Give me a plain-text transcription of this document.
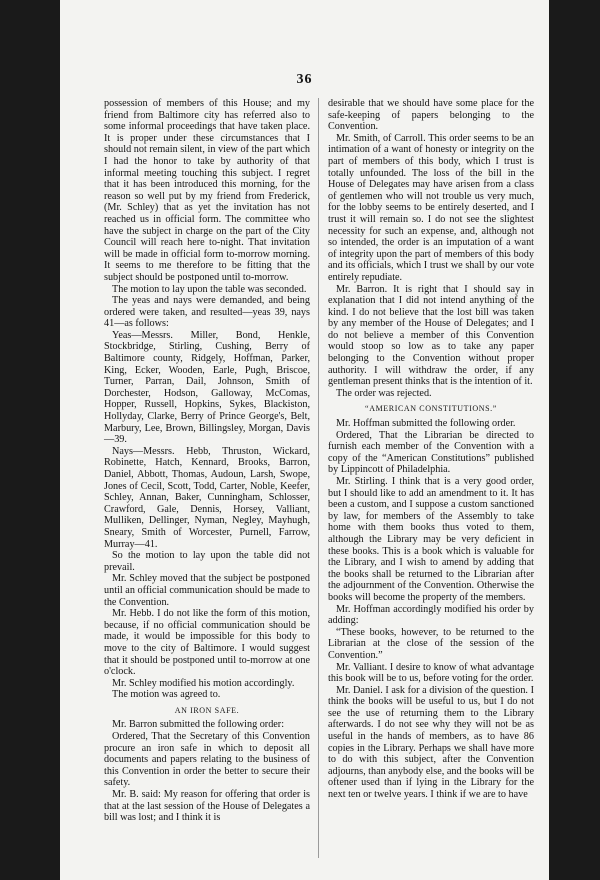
36

possession of members of this House; and my friend from Baltimore city has referred also to some informal proceedings that have taken place. It is proper under these circumstances that I should not remain silent, in view of the part which I had the honor to take by authority of that informal meeting touching this subject. I regret that it has been introduced this morning, for the reason so well put by my friend from Frederick, (Mr. Schley) that as yet the invitation has not reached us in official form. The committee who have the subject in charge on the part of the City Council will reach here to-night. That invitation will be made in official form to-morrow morning. It seems to me therefore to be fitting that the subject should be postponed until to-morrow.

The motion to lay upon the table was seconded.

The yeas and nays were demanded, and being ordered were taken, and resulted—yeas 39, nays 41—as follows:

Yeas—Messrs. Miller, Bond, Henkle, Stockbridge, Stirling, Cushing, Berry of Baltimore county, Ridgely, Hoffman, Parker, King, Ecker, Wooden, Earle, Pugh, Briscoe, Turner, Parran, Dail, Johnson, Smith of Dorchester, Hodson, Galloway, McComas, Hopper, Russell, Hopkins, Sykes, Blackiston, Hollyday, Clarke, Berry of Prince George's, Belt, Marbury, Lee, Brown, Billingsley, Morgan, Davis—39.

Nays—Messrs. Hebb, Thruston, Wickard, Robinette, Hatch, Kennard, Brooks, Barron, Daniel, Abbott, Thomas, Audoun, Larsh, Swope, Jones of Cecil, Scott, Todd, Carter, Noble, Keefer, Schley, Annan, Baker, Cunningham, Schlosser, Crawford, Gale, Dennis, Horsey, Valliant, Mulliken, Dellinger, Nyman, Negley, Mayhugh, Sneary, Smith of Worcester, Purnell, Farrow, Murray—41.

So the motion to lay upon the table did not prevail.

Mr. Schley moved that the subject be postponed until an official communication should be made to the Convention.

Mr. Hebb. I do not like the form of this motion, because, if no official communication should be made, it would be impossible for this body to move to the city of Baltimore. I would suggest that it should be postponed until to-morrow at one o'clock.

Mr. Schley modified his motion accordingly.

The motion was agreed to.

AN IRON SAFE.

Mr. Barron submitted the following order:

Ordered, That the Secretary of this Convention procure an iron safe in which to deposit all documents and papers relating to the business of this Convention in order the better to secure their safety.

Mr. B. said: My reason for offering that order is that at the last session of the House of Delegates a bill was lost; and I think it is

desirable that we should have some place for the safe-keeping of papers belonging to the Convention.

Mr. Smith, of Carroll. This order seems to be an intimation of a want of honesty or integrity on the part of members of this body, which I trust is totally unfounded. The loss of the bill in the House of Delegates may have arisen from a class of gentlemen who will not trouble us very much, for the lobby seems to be entirely deserted, and I trust it will remain so. I do not see the slightest necessity for such an expense, and, although not so intended, the order is an imputation of a want of integrity upon the part of members of this body and its officials, which I trust we shall by our vote entirely repudiate.

Mr. Barron. It is right that I should say in explanation that I did not intend anything of the kind. I do not believe that the lost bill was taken by any member of the House of Delegates; and I do not believe a member of this Convention would stoop so low as to take any paper belonging to the Convention without proper authority. I will withdraw the order, if any gentleman present thinks that is the intention of it.

The order was rejected.

“AMERICAN CONSTITUTIONS.”

Mr. Hoffman submitted the following order.

Ordered, That the Librarian be directed to furnish each member of the Convention with a copy of the “American Constitutions” published by Lippincott of Philadelphia.

Mr. Stirling. I think that is a very good order, but I should like to add an amendment to it. It has been a custom, and I suppose a custom sanctioned by law, for members of the Assembly to take home with them books thus voted to them, although the Library may be very deficient in these books. This is a book which is valuable for the Library, and I wish to amend by adding that the books shall be returned to the Librarian after the adjournment of the Convention. Otherwise the books will become the property of the members.

Mr. Hoffman accordingly modified his order by adding:

“These books, however, to be returned to the Librarian at the close of the session of the Convention.”

Mr. Valliant. I desire to know of what advantage this book will be to us, before voting for the order.

Mr. Daniel. I ask for a division of the question. I think the books will be useful to us, but I do not see the use of returning them to the Library afterwards. I do not see why they will not be as useful in the hands of members, as to have 86 copies in the Library. Perhaps we shall have more to do with this subject, after the Convention adjourns, than anybody else, and the books will be oftener used than if lying in the Library for the next ten or twelve years. I think if we are to have
